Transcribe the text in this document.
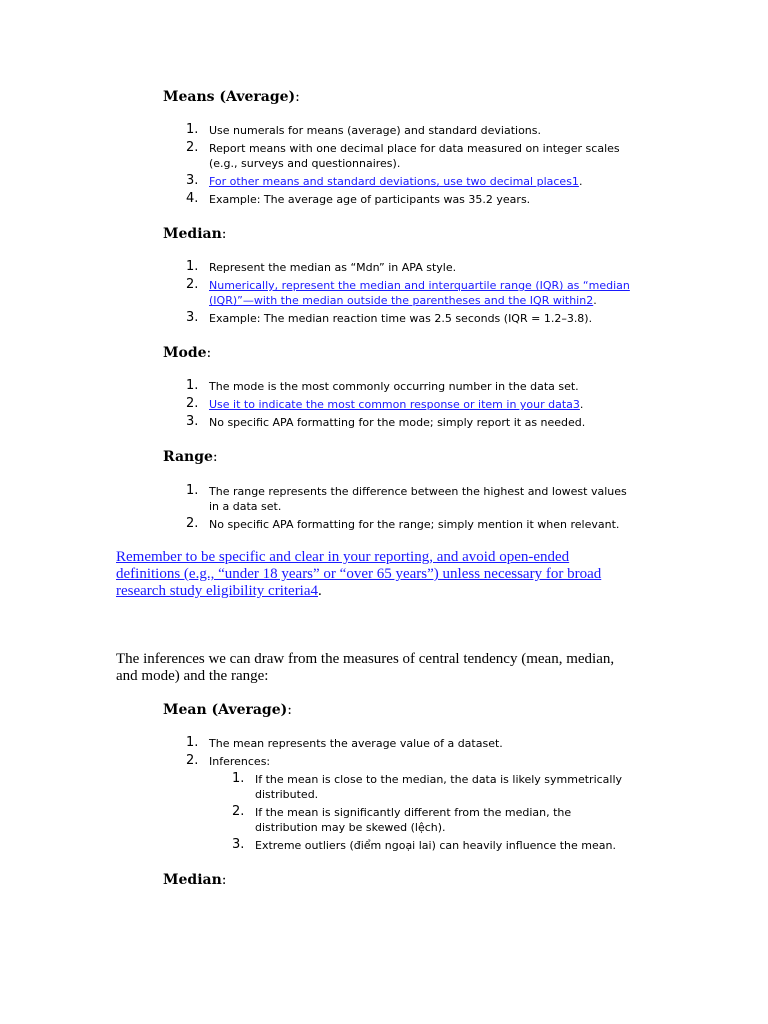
Means (Average):

1. Use numerals for means (average) and standard deviations.
2. Report means with one decimal place for data measured on integer scales (e.g., surveys and questionnaires).
3. For other means and standard deviations, use two decimal places1.
4. Example: The average age of participants was 35.2 years.

Median:

1. Represent the median as “Mdn” in APA style.
2. Numerically, represent the median and interquartile range (IQR) as “median (IQR)”—with the median outside the parentheses and the IQR within2.
3. Example: The median reaction time was 2.5 seconds (IQR = 1.2–3.8).

Mode:

1. The mode is the most commonly occurring number in the data set.
2. Use it to indicate the most common response or item in your data3.
3. No specific APA formatting for the mode; simply report it as needed.

Range:

1. The range represents the difference between the highest and lowest values in a data set.
2. No specific APA formatting for the range; simply mention it when relevant.

Remember to be specific and clear in your reporting, and avoid open-ended definitions (e.g., “under 18 years” or “over 65 years”) unless necessary for broad research study eligibility criteria4.

The inferences we can draw from the measures of central tendency (mean, median, and mode) and the range:

Mean (Average):

1. The mean represents the average value of a dataset.
2. Inferences:
1. If the mean is close to the median, the data is likely symmetrically distributed.
2. If the mean is significantly different from the median, the distribution may be skewed (lệch).
3. Extreme outliers (điểm ngoại lai) can heavily influence the mean.

Median:
